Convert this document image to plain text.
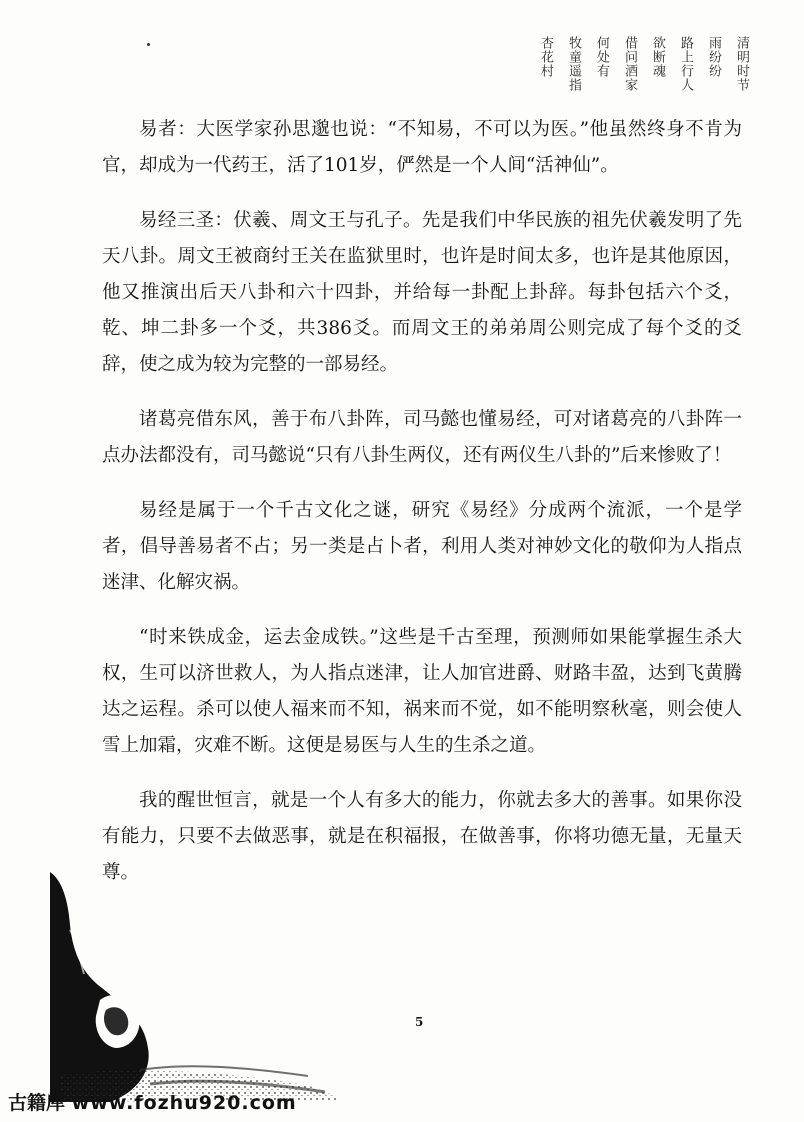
清明时节
雨纷纷
路上行人
欲断魂
借问酒家
何处有
牧童遥指
杏花村

易者：大医学家孙思邈也说：“不知易，不可以为医。”他虽然终身不肯为官，却成为一代药王，活了101岁，俨然是一个人间“活神仙”。

易经三圣：伏羲、周文王与孔子。先是我们中华民族的祖先伏羲发明了先天八卦。周文王被商纣王关在监狱里时，也许是时间太多，也许是其他原因，他又推演出后天八卦和六十四卦，并给每一卦配上卦辞。每卦包括六个爻，乾、坤二卦多一个爻，共386爻。而周文王的弟弟周公则完成了每个爻的爻辞，使之成为较为完整的一部易经。

诸葛亮借东风，善于布八卦阵，司马懿也懂易经，可对诸葛亮的八卦阵一点办法都没有，司马懿说“只有八卦生两仪，还有两仪生八卦的”后来惨败了！

易经是属于一个千古文化之谜，研究《易经》分成两个流派，一个是学者，倡导善易者不占；另一类是占卜者，利用人类对神妙文化的敬仰为人指点迷津、化解灾祸。

“时来铁成金，运去金成铁。”这些是千古至理，预测师如果能掌握生杀大权，生可以济世救人，为人指点迷津，让人加官进爵、财路丰盈，达到飞黄腾达之运程。杀可以使人福来而不知，祸来而不觉，如不能明察秋毫，则会使人雪上加霜，灾难不断。这便是易医与人生的生杀之道。

我的醒世恒言，就是一个人有多大的能力，你就去多大的善事。如果你没有能力，只要不去做恶事，就是在积福报，在做善事，你将功德无量，无量天尊。

5
古籍库 www.fozhu920.com
